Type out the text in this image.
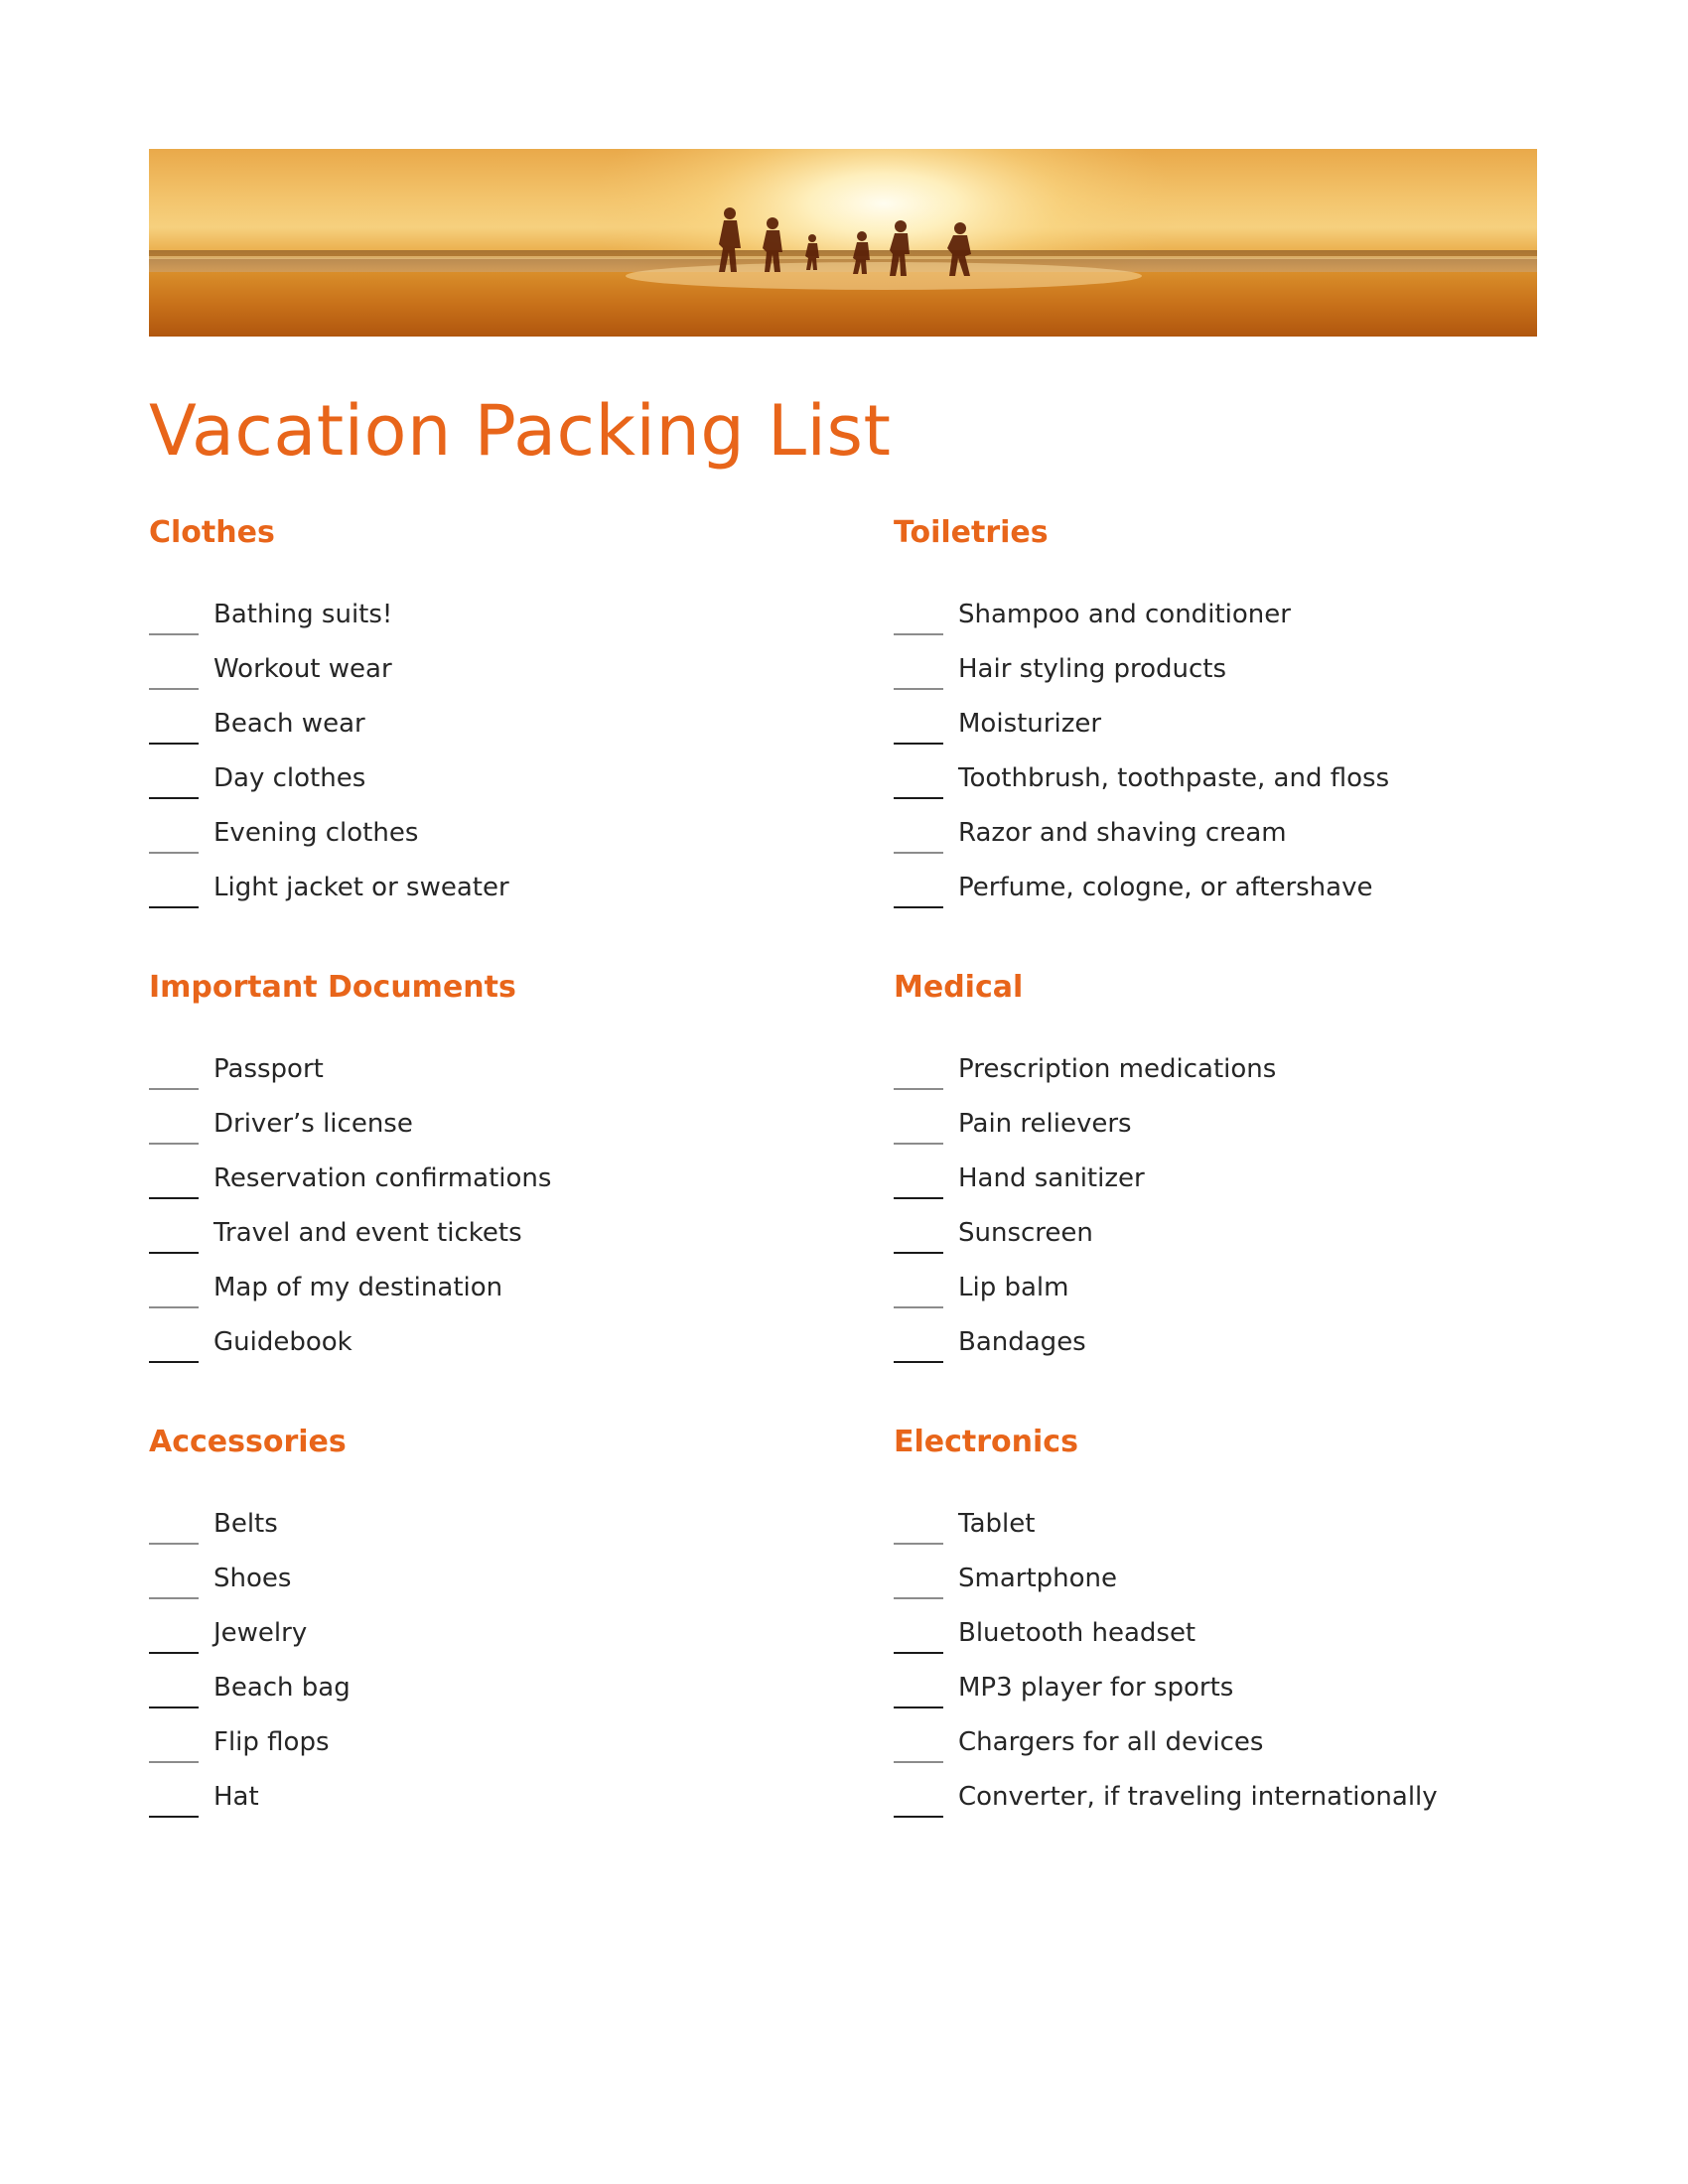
Vacation Packing List
Clothes
Bathing suits!
Workout wear
Beach wear
Day clothes
Evening clothes
Light jacket or sweater
Toiletries
Shampoo and conditioner
Hair styling products
Moisturizer
Toothbrush, toothpaste, and floss
Razor and shaving cream
Perfume, cologne, or aftershave
Important Documents
Passport
Driver’s license
Reservation confirmations
Travel and event tickets
Map of my destination
Guidebook
Medical
Prescription medications
Pain relievers
Hand sanitizer
Sunscreen
Lip balm
Bandages
Accessories
Belts
Shoes
Jewelry
Beach bag
Flip flops
Hat
Electronics
Tablet
Smartphone
Bluetooth headset
MP3 player for sports
Chargers for all devices
Converter, if traveling internationally
